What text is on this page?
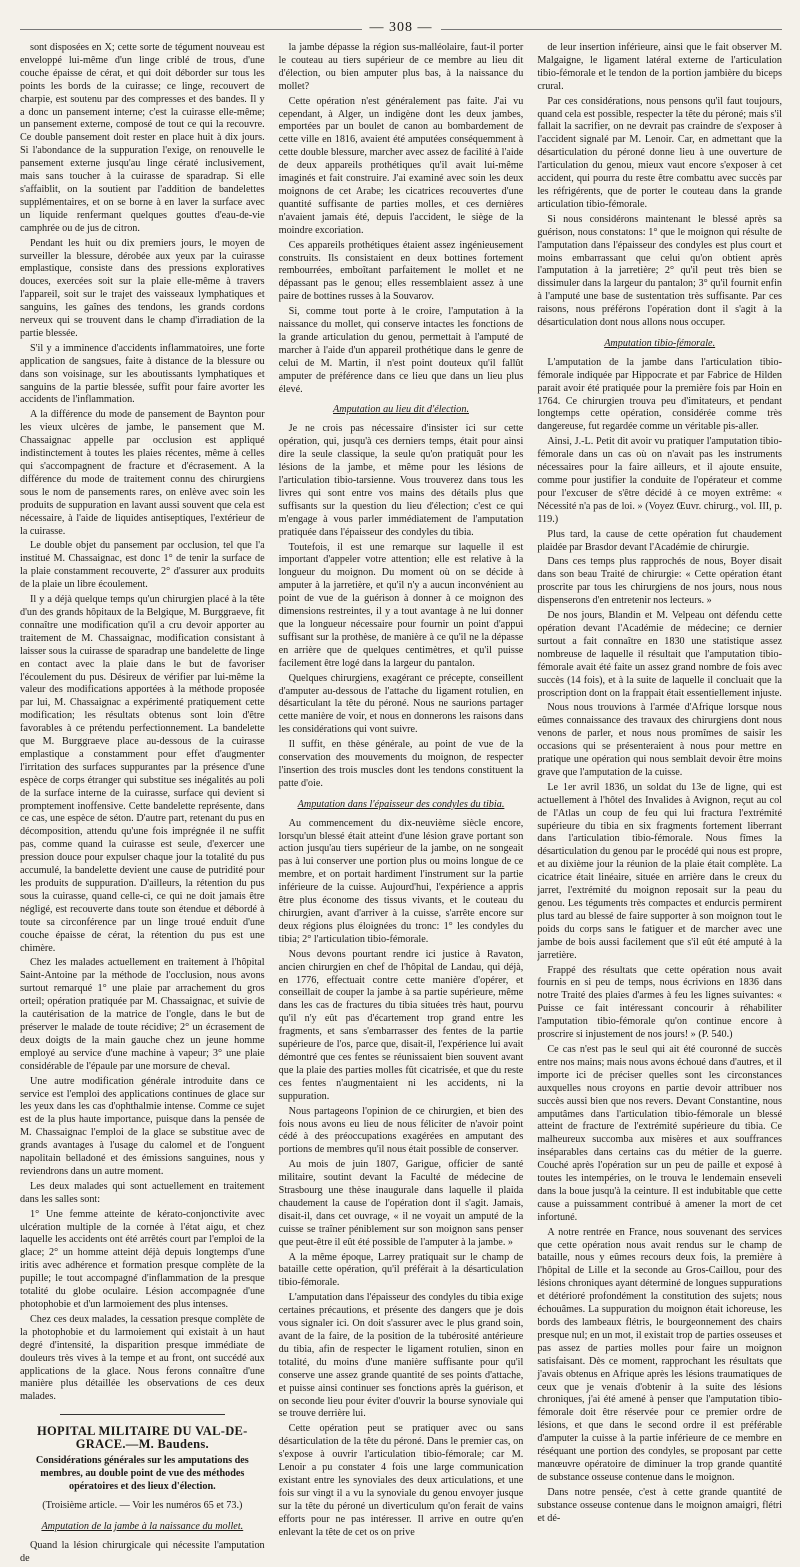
— 308 —

sont disposées en X; cette sorte de tégument nouveau est enveloppé lui-même d'un linge criblé de trous, d'une couche épaisse de cérat, et qui doit déborder sur tous les points les bords de la cuirasse; ce linge, recouvert de charpie, est soutenu par des compresses et des bandes. Il y a donc un pansement interne; c'est la cuirasse elle-même; un pansement externe, composé de tout ce qui la recouvre. Ce double pansement doit rester en place huit à dix jours. Si l'abondance de la suppuration l'exige, on renouvelle le pansement externe jusqu'au linge cératé inclusivement, mais sans toucher à la cuirasse de sparadrap. Si elle s'affaiblit, on la soutient par l'addition de bandelettes supplémentaires, et on se borne à en laver la surface avec un liquide renfermant quelques gouttes d'eau-de-vie camphrée ou de jus de citron.

Pendant les huit ou dix premiers jours, le moyen de surveiller la blessure, dérobée aux yeux par la cuirasse emplastique, consiste dans des pressions exploratives douces, exercées soit sur la plaie elle-même à travers l'appareil, soit sur le trajet des vaisseaux lymphatiques et sanguins, les gaînes des tendons, les grands cordons nerveux qui se trouvent dans le champ d'irradiation de la partie blessée.

S'il y a imminence d'accidents inflammatoires, une forte application de sangsues, faite à distance de la blessure ou dans son voisinage, sur les aboutissants lymphatiques et sanguins de la partie blessée, suffit pour faire avorter les accidents de l'inflammation.

A la différence du mode de pansement de Baynton pour les vieux ulcères de jambe, le pansement que M. Chassaignac appelle par occlusion est appliqué indistinctement à toutes les plaies récentes, même à celles qui s'accompagnent de fracture et d'écrasement. A la différence du mode de traitement connu des chirurgiens sous le nom de pansements rares, on enlève avec soin les produits de suppuration en lavant aussi souvent que cela est nécessaire, à l'aide de liquides antiseptiques, l'extérieur de la cuirasse.

Le double objet du pansement par occlusion, tel que l'a institué M. Chassaignac, est donc 1° de tenir la surface de la plaie constamment recouverte, 2° d'assurer aux produits de la plaie un libre écoulement.

Il y a déjà quelque temps qu'un chirurgien placé à la tête d'un des grands hôpitaux de la Belgique, M. Burggraeve, fit connaître une modification qu'il a cru devoir apporter au traitement de M. Chassaignac, modification consistant à laisser sous la cuirasse de sparadrap une bandelette de linge en contact avec la plaie dans le but de favoriser l'écoulement du pus. Désireux de vérifier par lui-même la valeur des modifications apportées à la méthode proposée par lui, M. Chassaignac a expérimenté pratiquement cette modification; les résultats obtenus sont loin d'être favorables à ce prétendu perfectionnement. La bandelette que M. Burggraeve place au-dessous de la cuirasse emplastique a constamment pour effet d'augmenter l'irritation des surfaces suppurantes par la présence d'une espèce de corps étranger qui substitue ses inégalités au poli de la surface interne de la cuirasse, surface qui devient si promptement inoffensive. Cette bandelette représente, dans ce cas, une espèce de séton. D'autre part, retenant du pus en décomposition, attendu qu'une fois imprégnée il ne suffit pas, comme quand la cuirasse est seule, d'exercer une pression douce pour expulser chaque jour la totalité du pus accumulé, la bandelette devient une cause de putridité pour les produits de suppuration. D'ailleurs, la rétention du pus sous la cuirasse, quand celle-ci, ce qui ne doit jamais être négligé, est recouverte dans toute son étendue et débordé à toute sa circonférence par un linge troué enduit d'une couche épaisse de cérat, la rétention du pus est une chimère.

Chez les malades actuellement en traitement à l'hôpital Saint-Antoine par la méthode de l'occlusion, nous avons surtout remarqué 1° une plaie par arrachement du gros orteil; opération pratiquée par M. Chassaignac, et suivie de la cautérisation de la matrice de l'ongle, dans le but de préserver le malade de toute récidive; 2° un écrasement de deux doigts de la main gauche chez un jeune homme employé au service d'une machine à vapeur; 3° une plaie considérable de l'épaule par une morsure de cheval.

Une autre modification générale introduite dans ce service est l'emploi des applications continues de glace sur les yeux dans les cas d'ophthalmie intense. Comme ce sujet est de la plus haute importance, puisque dans la pensée de M. Chassaignac l'emploi de la glace se substitue avec de grands avantages à l'usage du calomel et de l'onguent napolitain belladoné et des émissions sanguines, nous y reviendrons dans un autre moment.

Les deux malades qui sont actuellement en traitement dans les salles sont:

1° Une femme atteinte de kérato-conjonctivite avec ulcération multiple de la cornée à l'état aigu, et chez laquelle les accidents ont été arrêtés court par l'emploi de la glace; 2° un homme atteint déjà depuis longtemps d'une iritis avec adhérence et formation presque complète de la pupille; le tout accompagné d'inflammation de la presque totalité du globe oculaire. Lésion accompagnée d'une photophobie et d'un larmoiement des plus intenses.

Chez ces deux malades, la cessation presque complète de la photophobie et du larmoiement qui existait à un haut degré d'intensité, la disparition presque immédiate de douleurs très vives à la tempe et au front, ont succédé aux applications de la glace. Nous ferons connaître d'une manière plus détaillée les observations de ces deux malades.

HOPITAL MILITAIRE DU VAL-DE-GRACE.—M. Baudens.
Considérations générales sur les amputations des membres, au double point de vue des méthodes opératoires et des lieux d'élection.
(Troisième article. — Voir les numéros 65 et 73.)
Amputation de la jambe à la naissance du mollet.

Quand la lésion chirurgicale qui nécessite l'amputation de

la jambe dépasse la région sus-malléolaire, faut-il porter le couteau au tiers supérieur de ce membre au lieu dit d'élection, ou bien amputer plus bas, à la naissance du mollet?

Cette opération n'est généralement pas faite. J'ai vu cependant, à Alger, un indigène dont les deux jambes, emportées par un boulet de canon au bombardement de cette ville en 1816, avaient été amputées conséquemment à cette double blessure, marcher avec assez de facilité à l'aide de deux appareils prothétiques qu'il avait lui-même imaginés et fait construire. J'ai examiné avec soin les deux moignons de cet Arabe; les cicatrices recouvertes d'une quantité suffisante de parties molles, et ces dernières n'avaient jamais été, depuis l'accident, le siège de la moindre excoriation.

Ces appareils prothétiques étaient assez ingénieusement construits. Ils consistaient en deux bottines fortement rembourrées, emboîtant parfaitement le mollet et ne dépassant pas le genou; elles ressemblaient assez à une paire de bottines russes à la Souvarov.

Si, comme tout porte à le croire, l'amputation à la naissance du mollet, qui conserve intactes les fonctions de la grande articulation du genou, permettait à l'amputé de marcher à l'aide d'un appareil prothétique dans le genre de celui de M. Martin, il n'est point douteux qu'il fallût amputer de préférence dans ce lieu que dans un lieu plus élevé.

Amputation au lieu dit d'élection.

Je ne crois pas nécessaire d'insister ici sur cette opération, qui, jusqu'à ces derniers temps, était pour ainsi dire la seule classique, la seule qu'on pratiquât pour les lésions de la jambe, et même pour les lésions de l'articulation tibio-tarsienne. Vous trouverez dans tous les livres qui sont entre vos mains des détails plus que suffisants sur la question du lieu d'élection; c'est ce qui m'engage à vous parler immédiatement de l'amputation pratiquée dans l'épaisseur des condyles du tibia.

Toutefois, il est une remarque sur laquelle il est important d'appeler votre attention; elle est relative à la longueur du moignon. Du moment où on se décide à amputer à la jarretière, et qu'il n'y a aucun inconvénient au point de vue de la guérison à donner à ce moignon des dimensions restreintes, il y a tout avantage à ne lui donner que la longueur nécessaire pour fournir un point d'appui suffisant sur la prothèse, de manière à ce qu'il ne la dépasse en arrière que de quelques centimètres, et qu'il puisse facilement être logé dans la largeur du pantalon.

Quelques chirurgiens, exagérant ce précepte, conseillent d'amputer au-dessous de l'attache du ligament rotulien, en désarticulant la tête du péroné. Nous ne saurions partager cette manière de voir, et nous en donnerons les raisons dans les considérations qui vont suivre.

Il suffit, en thèse générale, au point de vue de la conservation des mouvements du moignon, de respecter l'insertion des trois muscles dont les tendons constituent la patte d'oie.

Amputation dans l'épaisseur des condyles du tibia.

Au commencement du dix-neuvième siècle encore, lorsqu'un blessé était atteint d'une lésion grave portant son action jusqu'au tiers supérieur de la jambe, on ne songeait pas à lui conserver une portion plus ou moins longue de ce membre, et on portait hardiment l'instrument sur la partie inférieure de la cuisse. Aujourd'hui, l'expérience a appris être plus économe des tissus vivants, et le couteau du chirurgien, avant d'arriver à la cuisse, s'arrête encore sur deux régions plus éloignées du tronc: 1° les condyles du tibia; 2° l'articulation tibio-fémorale.

Nous devons pourtant rendre ici justice à Ravaton, ancien chirurgien en chef de l'hôpital de Landau, qui déjà, en 1776, effectuait contre cette manière d'opérer, et conseillait de couper la jambe à sa partie supérieure, même dans les cas de fractures du tibia situées très haut, pourvu qu'il n'y eût pas d'écartement trop grand entre les fragments, et sans s'embarrasser des fentes de la partie supérieure de l'os, parce que, disait-il, l'expérience lui avait démontré que ces fentes se réunissaient bien souvent avant que la plaie des parties molles fût cicatrisée, et que du reste ces fentes n'augmentaient ni les accidents, ni la suppuration.

Nous partageons l'opinion de ce chirurgien, et bien des fois nous avons eu lieu de nous féliciter de n'avoir point cédé à des préoccupations exagérées en amputant des portions de membres qu'il nous était possible de conserver.

Au mois de juin 1807, Garigue, officier de santé militaire, soutint devant la Faculté de médecine de Strasbourg une thèse inaugurale dans laquelle il plaida chaudement la cause de l'opération dont il s'agit. Jamais, disait-il, dans cet ouvrage, « il ne voyait un amputé de la cuisse se traîner péniblement sur son moignon sans penser que peut-être il eût été possible de l'amputer à la jambe. »

A la même époque, Larrey pratiquait sur le champ de bataille cette opération, qu'il préférait à la désarticulation tibio-fémorale.

L'amputation dans l'épaisseur des condyles du tibia exige certaines précautions, et présente des dangers que je dois vous signaler ici. On doit s'assurer avec le plus grand soin, avant de la faire, de la position de la tubérosité antérieure du tibia, afin de respecter le ligament rotulien, sinon en totalité, du moins d'une manière suffisante pour qu'il conserve une assez grande quantité de ses points d'attache, et puisse ainsi continuer ses fonctions après la guérison, et on seconde lieu pour éviter d'ouvrir la bourse synoviale qui se trouve derrière lui.

Cette opération peut se pratiquer avec ou sans désarticulation de la tête du péroné. Dans le premier cas, on s'expose à ouvrir l'articulation tibio-fémorale; car M. Lenoir a pu constater 4 fois une large communication existant entre les synoviales des deux articulations, et une fois sur vingt il a vu la synoviale du genou envoyer jusque sur la tête du péroné un diverticulum qu'on ferait de vains efforts pour ne pas intéresser. Il arrive en outre qu'en enlevant la tête de cet os on prive

de leur insertion inférieure, ainsi que le fait observer M. Malgaigne, le ligament latéral externe de l'articulation tibio-fémorale et le tendon de la portion jambière du biceps crural.

Par ces considérations, nous pensons qu'il faut toujours, quand cela est possible, respecter la tête du péroné; mais s'il fallait la sacrifier, on ne devrait pas craindre de s'exposer à l'accident signalé par M. Lenoir. Car, en admettant que la désarticulation du péroné donne lieu à une ouverture de l'articulation du genou, mieux vaut encore s'exposer à cet accident, qui pourra du reste être combattu avec succès par les réfrigérents, que de porter le couteau dans la grande articulation tibio-fémorale.

Si nous considérons maintenant le blessé après sa guérison, nous constatons: 1° que le moignon qui résulte de l'amputation dans l'épaisseur des condyles est plus court et moins embarrassant que celui qu'on obtient après l'amputation à la jarretière; 2° qu'il peut très bien se dissimuler dans la largeur du pantalon; 3° qu'il fournit enfin à l'amputé une base de sustentation très suffisante. Par ces raisons, nous préférons l'opération dont il s'agit à la désarticulation dont nous allons nous occuper.

Amputation tibio-fémorale.

L'amputation de la jambe dans l'articulation tibio-fémorale indiquée par Hippocrate et par Fabrice de Hilden parait avoir été pratiquée pour la première fois par Hoin en 1764. Ce chirurgien trouva peu d'imitateurs, et pendant longtemps cette opération, considérée comme très dangereuse, fut regardée comme un véritable pis-aller.

Ainsi, J.-L. Petit dit avoir vu pratiquer l'amputation tibio-fémorale dans un cas où on n'avait pas les instruments nécessaires pour la faire ailleurs, et il ajoute ensuite, comme pour justifier la conduite de l'opérateur et comme pour l'excuser de s'être décidé à ce moyen extrême: « Nécessité n'a pas de loi. » (Voyez Œuvr. chirurg., vol. III, p. 119.)

Plus tard, la cause de cette opération fut chaudement plaidée par Brasdor devant l'Académie de chirurgie.

Dans ces temps plus rapprochés de nous, Boyer disait dans son beau Traité de chirurgie: « Cette opération étant proscrite par tous les chirurgiens de nos jours, nous nous dispenserons d'en entretenir nos lecteurs. »

De nos jours, Blandin et M. Velpeau ont défendu cette opération devant l'Académie de médecine; ce dernier surtout a fait connaître en 1830 une statistique assez nombreuse de laquelle il résultait que l'amputation tibio-fémorale avait été faite un assez grand nombre de fois avec succès (14 fois), et à la suite de laquelle il concluait que la proscription dont on la frappait était essentiellement injuste.

Nous nous trouvions à l'armée d'Afrique lorsque nous eûmes connaissance des travaux des chirurgiens dont nous venons de parler, et nous nous promîmes de saisir les occasions qui se présenteraient à nous pour mettre en pratique une opération qui nous semblait devoir être moins grave que l'amputation de la cuisse.

Le 1er avril 1836, un soldat du 13e de ligne, qui est actuellement à l'hôtel des Invalides à Avignon, reçut au col de l'Atlas un coup de feu qui lui fractura l'extrémité supérieure du tibia en six fragments fortement liberrant dans l'articulation tibio-fémorale. Nous fîmes la désarticulation du genou par le procédé qui nous est propre, et au dixième jour la réunion de la plaie était complète. La cicatrice était linéaire, située en arrière dans le creux du jarret, l'extrémité du moignon reposait sur la peau du genou. Les téguments très compactes et endurcis permirent plus tard au blessé de faire supporter à son moignon tout le poids du corps sans le fatiguer et de marcher avec une jambe de bois aussi facilement que s'il eût été amputé à la jarretière.

Frappé des résultats que cette opération nous avait fournis en si peu de temps, nous écrivions en 1836 dans notre Traité des plaies d'armes à feu les lignes suivantes: « Puisse ce fait intéressant concourir à réhabiliter l'amputation tibio-fémorale qu'on continue encore à proscrire si injustement de nos jours! » (P. 540.)

Ce cas n'est pas le seul qui ait été couronné de succès entre nos mains; mais nous avons échoué dans d'autres, et il importe ici de préciser quelles sont les circonstances auxquelles nous croyons en partie devoir attribuer nos succès aussi bien que nos revers. Devant Constantine, nous amputâmes dans l'articulation tibio-fémorale un blessé atteint de fracture de l'extrémité supérieure du tibia. Ce malheureux succomba aux misères et aux souffrances inséparables dans certains cas du métier de la guerre. Couché après l'opération sur un peu de paille et exposé à toutes les intempéries, on le trouva le lendemain enseveli dans la boue jusqu'à la ceinture. Il est indubitable que cette cause a puissamment contribué à amener la mort de cet infortuné.

A notre rentrée en France, nous souvenant des services que cette opération nous avait rendus sur le champ de bataille, nous y eûmes recours deux fois, la première à l'hôpital de Lille et la seconde au Gros-Caillou, pour des lésions chroniques ayant déterminé de longues suppurations et détérioré profondément la constitution des sujets; nous échouâmes. La suppuration du moignon était ichoreuse, les bords des lambeaux flétris, le bourgeonnement des chairs presque nul; en un mot, il existait trop de parties osseuses et pas assez de parties molles pour faire un moignon satisfaisant. Dès ce moment, rapprochant les résultats que j'avais obtenus en Afrique après les lésions traumatiques de ceux que je venais d'obtenir à la suite des lésions chroniques, j'ai été amené à penser que l'amputation tibio-fémorale doit être réservée pour ce premier ordre de lésions, et que dans le second ordre il est préférable d'amputer la cuisse à la partie inférieure de ce membre en réséquant une portion des condyles, se proposant par cette manœuvre opératoire de diminuer la trop grande quantité de substance osseuse contenue dans le moignon.

Dans notre pensée, c'est à cette grande quantité de substance osseuse contenue dans le moignon amaigri, flétri et dé-
